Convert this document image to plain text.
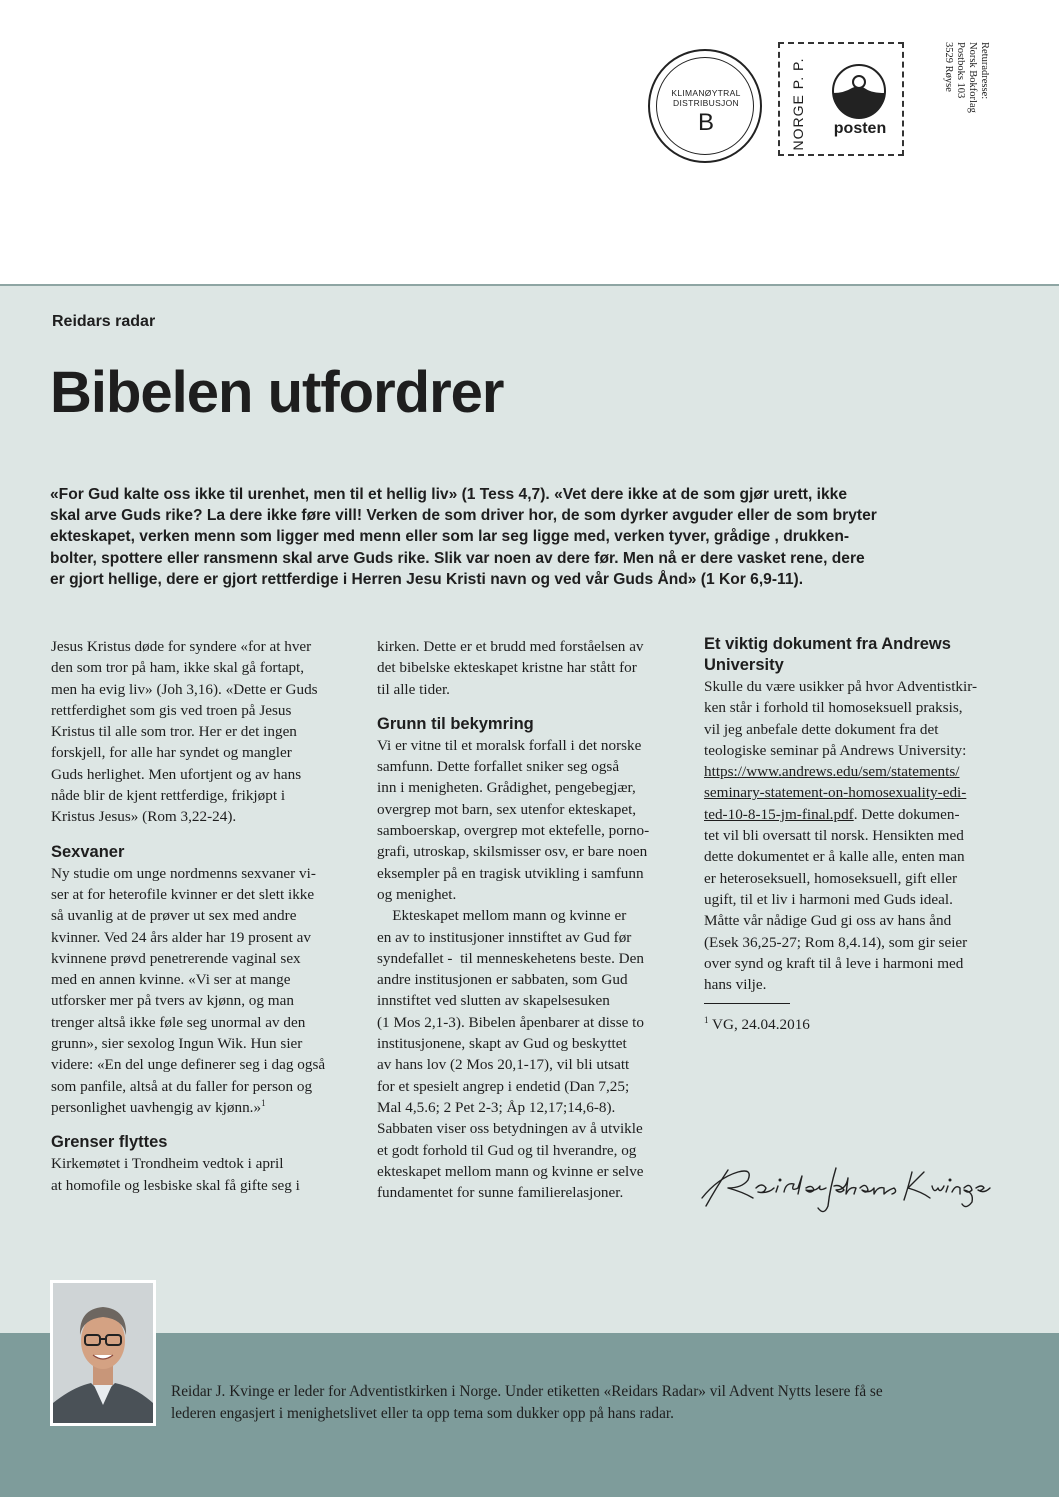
KLIMANØYTRAL
DISTRIBUSJON
B	NORGE P. P.	posten
Returadresse:
Norsk Bokforlag
Postboks 103
3529 Røyse
Reidars radar
Bibelen utfordrer
«For Gud kalte oss ikke til urenhet, men til et hellig liv» (1 Tess 4,7). «Vet dere ikke at de som gjør urett, ikke
skal arve Guds rike? La dere ikke føre vill! Verken de som driver hor, de som dyrker avguder eller de som bryter
ekteskapet, verken menn som ligger med menn eller som lar seg ligge med, verken tyver, grådige , drukken-
bolter, spottere eller ransmenn skal arve Guds rike. Slik var noen av dere før. Men nå er dere vasket rene, dere
er gjort hellige, dere er gjort rettferdige i Herren Jesu Kristi navn og ved vår Guds Ånd» (1 Kor 6,9-11).
Jesus Kristus døde for syndere «for at hver
den som tror på ham, ikke skal gå fortapt,
men ha evig liv» (Joh 3,16). «Dette er Guds
rettferdighet som gis ved troen på Jesus
Kristus til alle som tror. Her er det ingen
forskjell, for alle har syndet og mangler
Guds herlighet. Men ufortjent og av hans
nåde blir de kjent rettferdige, frikjøpt i
Kristus Jesus» (Rom 3,22-24).
Sexvaner
Ny studie om unge nordmenns sexvaner vi-
ser at for heterofile kvinner er det slett ikke
så uvanlig at de prøver ut sex med andre
kvinner. Ved 24 års alder har 19 prosent av
kvinnene prøvd penetrerende vaginal sex
med en annen kvinne. «Vi ser at mange
utforsker mer på tvers av kjønn, og man
trenger altså ikke føle seg unormal av den
grunn», sier sexolog Ingun Wik. Hun sier
videre: «En del unge definerer seg i dag også
som panfile, altså at du faller for person og
personlighet uavhengig av kjønn.»$^1$
Grenser flyttes
Kirkemøtet i Trondheim vedtok i april
at homofile og lesbiske skal få gifte seg i
kirken. Dette er et brudd med forståelsen av
det bibelske ekteskapet kristne har stått for
til alle tider.
Grunn til bekymring
Vi er vitne til et moralsk forfall i det norske
samfunn. Dette forfallet sniker seg også
inn i menigheten. Grådighet, pengebegjær,
overgrep mot barn, sex utenfor ekteskapet,
samboerskap, overgrep mot ektefelle, porno-
grafi, utroskap, skilsmisser osv, er bare noen
eksempler på en tragisk utvikling i samfunn
og menighet.
Ekteskapet mellom mann og kvinne er
en av to institusjoner innstiftet av Gud før
syndefallet -  til menneskehetens beste. Den
andre institusjonen er sabbaten, som Gud
innstiftet ved slutten av skapelsesuken
(1 Mos 2,1-3). Bibelen åpenbarer at disse to
institusjonene, skapt av Gud og beskyttet
av hans lov (2 Mos 20,1-17), vil bli utsatt
for et spesielt angrep i endetid (Dan 7,25;
Mal 4,5.6; 2 Pet 2-3; Åp 12,17;14,6-8).
Sabbaten viser oss betydningen av å utvikle
et godt forhold til Gud og til hverandre, og
ekteskapet mellom mann og kvinne er selve
fundamentet for sunne familierelasjoner.
Et viktig dokument fra Andrews
University
Skulle du være usikker på hvor Adventistkir-
ken står i forhold til homoseksuell praksis,
vil jeg anbefale dette dokument fra det
teologiske seminar på Andrews University:
https://www.andrews.edu/sem/statements/
seminary-statement-on-homosexuality-edi-
ted-10-8-15-jm-final.pdf. Dette dokumen-
tet vil bli oversatt til norsk. Hensikten med
dette dokumentet er å kalle alle, enten man
er heteroseksuell, homoseksuell, gift eller
ugift, til et liv i harmoni med Guds ideal.
Måtte vår nådige Gud gi oss av hans ånd
(Esek 36,25-27; Rom 8,4.14), som gir seier
over synd og kraft til å leve i harmoni med
hans vilje.
$^1$ VG, 24.04.2016
Reidar J. Kvinge er leder for Adventistkirken i Norge. Under etiketten «Reidars Radar» vil Advent Nytts lesere få se
lederen engasjert i menighetslivet eller ta opp tema som dukker opp på hans radar.
